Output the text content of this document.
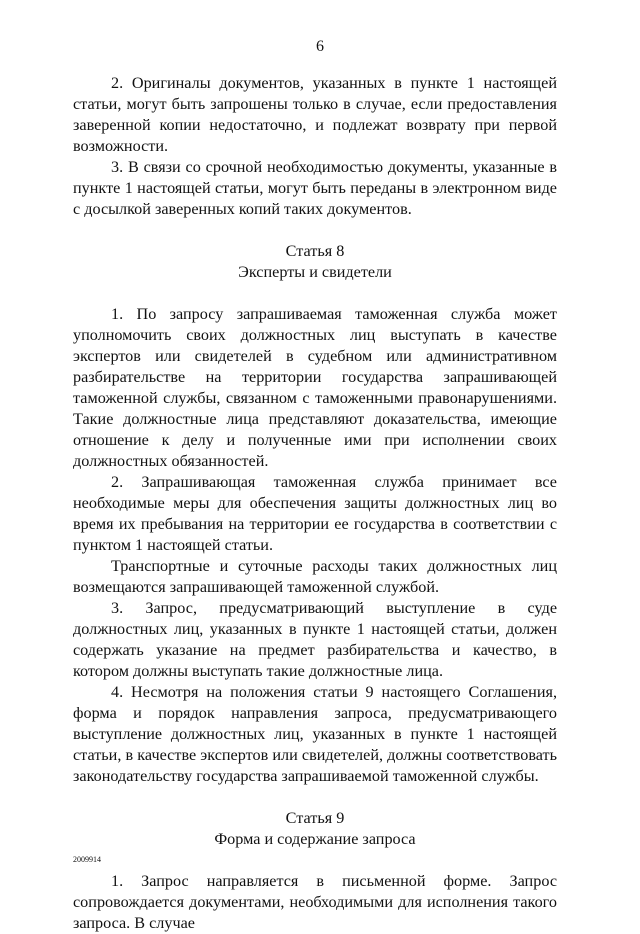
6

2. Оригиналы документов, указанных в пункте 1 настоящей статьи, могут быть запрошены только в случае, если предоставления заверенной копии недостаточно, и подлежат возврату при первой возможности.

3. В связи со срочной необходимостью документы, указанные в пункте 1 настоящей статьи, могут быть переданы в электронном виде с досылкой заверенных копий таких документов.

Статья 8

Эксперты и свидетели

1. По запросу запрашиваемая таможенная служба может уполномочить своих должностных лиц выступать в качестве экспертов или свидетелей в судебном или административном разбирательстве на территории государства запрашивающей таможенной службы, связанном с таможенными правонарушениями. Такие должностные лица представляют доказательства, имеющие отношение к делу и полученные ими при исполнении своих должностных обязанностей.

2. Запрашивающая таможенная служба принимает все необходимые меры для обеспечения защиты должностных лиц во время их пребывания на территории ее государства в соответствии с пунктом 1 настоящей статьи.

Транспортные и суточные расходы таких должностных лиц возмещаются запрашивающей таможенной службой.

3. Запрос, предусматривающий выступление в суде должностных лиц, указанных в пункте 1 настоящей статьи, должен содержать указание на предмет разбирательства и качество, в котором должны выступать такие должностные лица.

4. Несмотря на положения статьи 9 настоящего Соглашения, форма и порядок направления запроса, предусматривающего выступление должностных лиц, указанных в пункте 1 настоящей статьи, в качестве экспертов или свидетелей, должны соответствовать законодательству государства запрашиваемой таможенной службы.

Статья 9

Форма и содержание запроса

1. Запрос направляется в письменной форме. Запрос сопровождается документами, необходимыми для исполнения такого запроса. В случае

2009914
